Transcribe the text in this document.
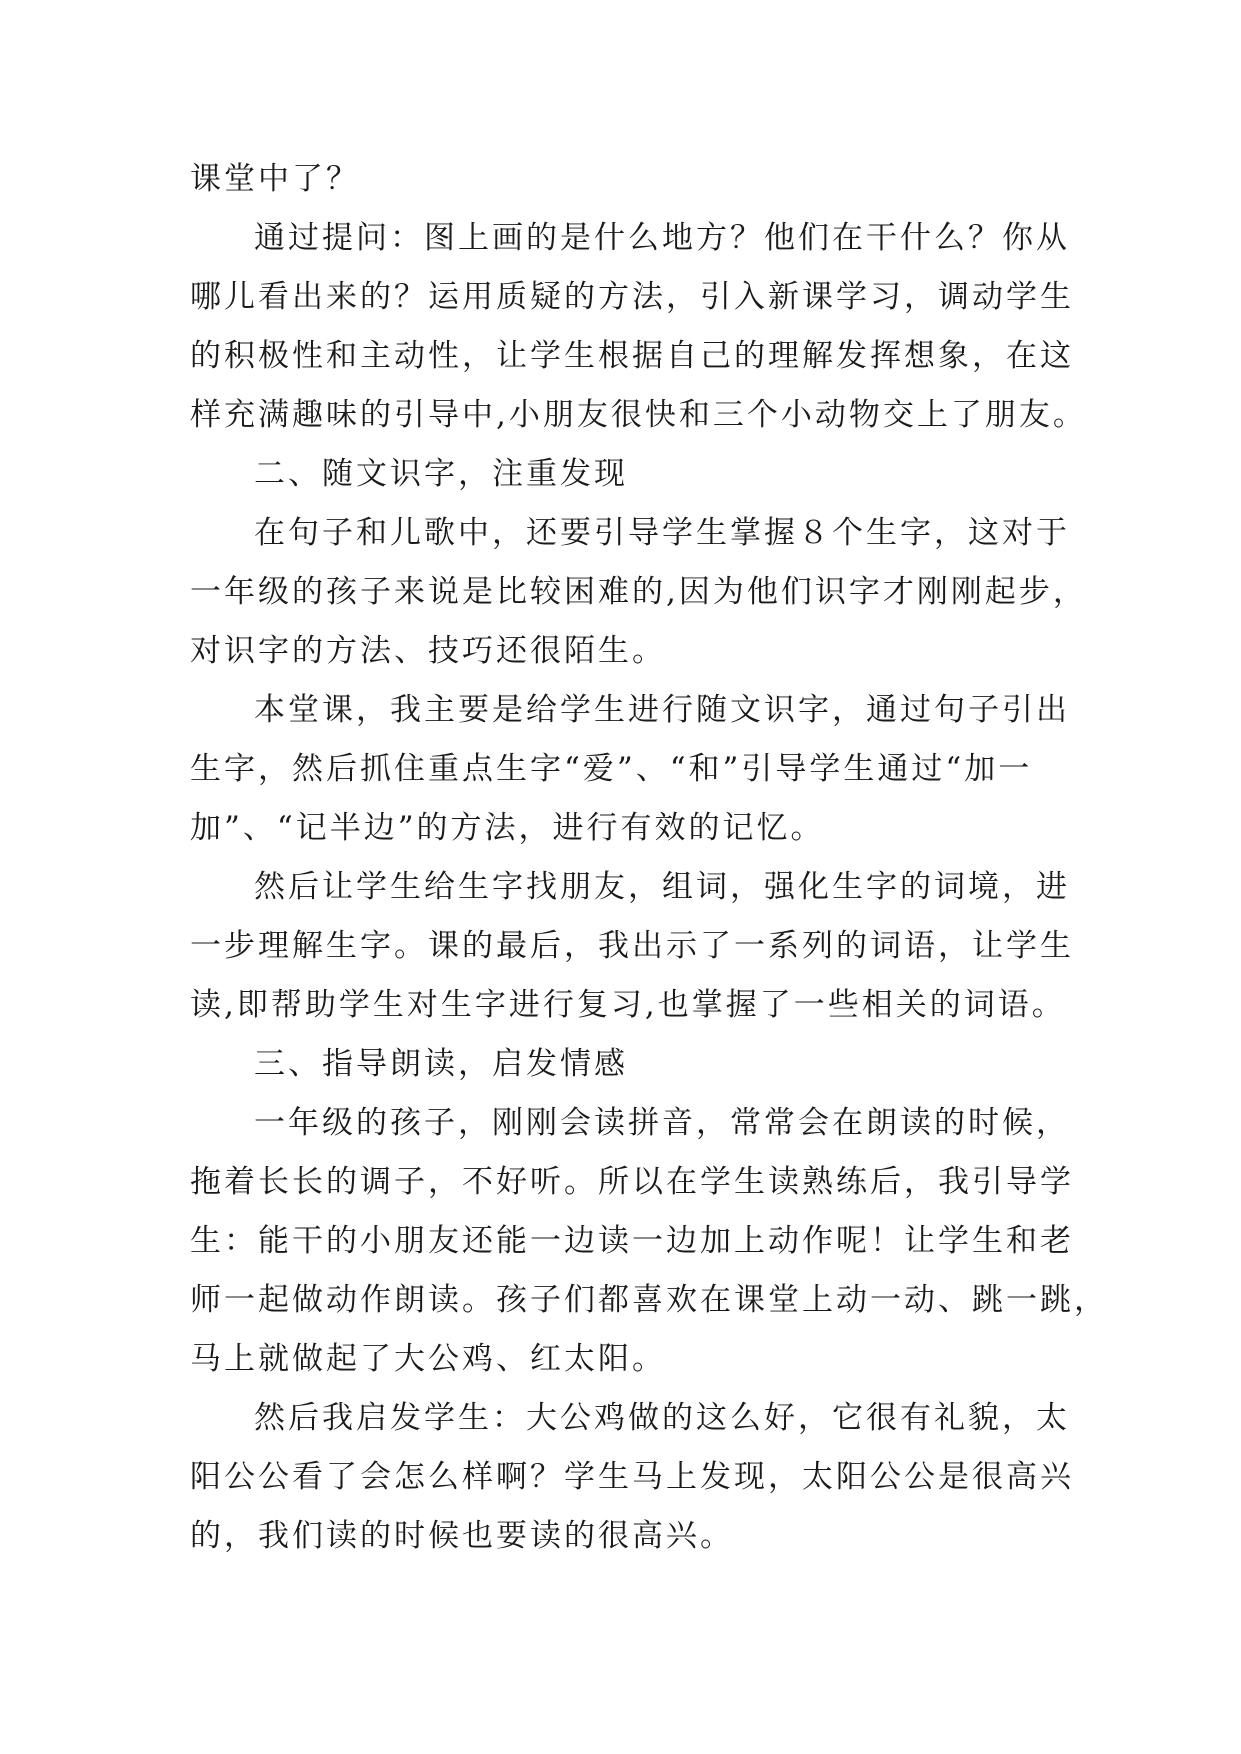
课堂中了？
通过提问：图上画的是什么地方？他们在干什么？你从
哪儿看出来的？运用质疑的方法，引入新课学习，调动学生
的积极性和主动性，让学生根据自己的理解发挥想象，在这
样充满趣味的引导中,小朋友很快和三个小动物交上了朋友。
二、随文识字，注重发现
在句子和儿歌中，还要引导学生掌握８个生字，这对于
一年级的孩子来说是比较困难的,因为他们识字才刚刚起步，
对识字的方法、技巧还很陌生。
本堂课，我主要是给学生进行随文识字，通过句子引出
生字，然后抓住重点生字“爱”、“和”引导学生通过“加一
加”、“记半边”的方法，进行有效的记忆。
然后让学生给生字找朋友，组词，强化生字的词境，进
一步理解生字。课的最后，我出示了一系列的词语，让学生
读,即帮助学生对生字进行复习,也掌握了一些相关的词语。
三、指导朗读，启发情感
一年级的孩子，刚刚会读拼音，常常会在朗读的时候，
拖着长长的调子，不好听。所以在学生读熟练后，我引导学
生：能干的小朋友还能一边读一边加上动作呢！让学生和老
师一起做动作朗读。孩子们都喜欢在课堂上动一动、跳一跳，
马上就做起了大公鸡、红太阳。
然后我启发学生：大公鸡做的这么好，它很有礼貌，太
阳公公看了会怎么样啊？学生马上发现，太阳公公是很高兴
的，我们读的时候也要读的很高兴。
